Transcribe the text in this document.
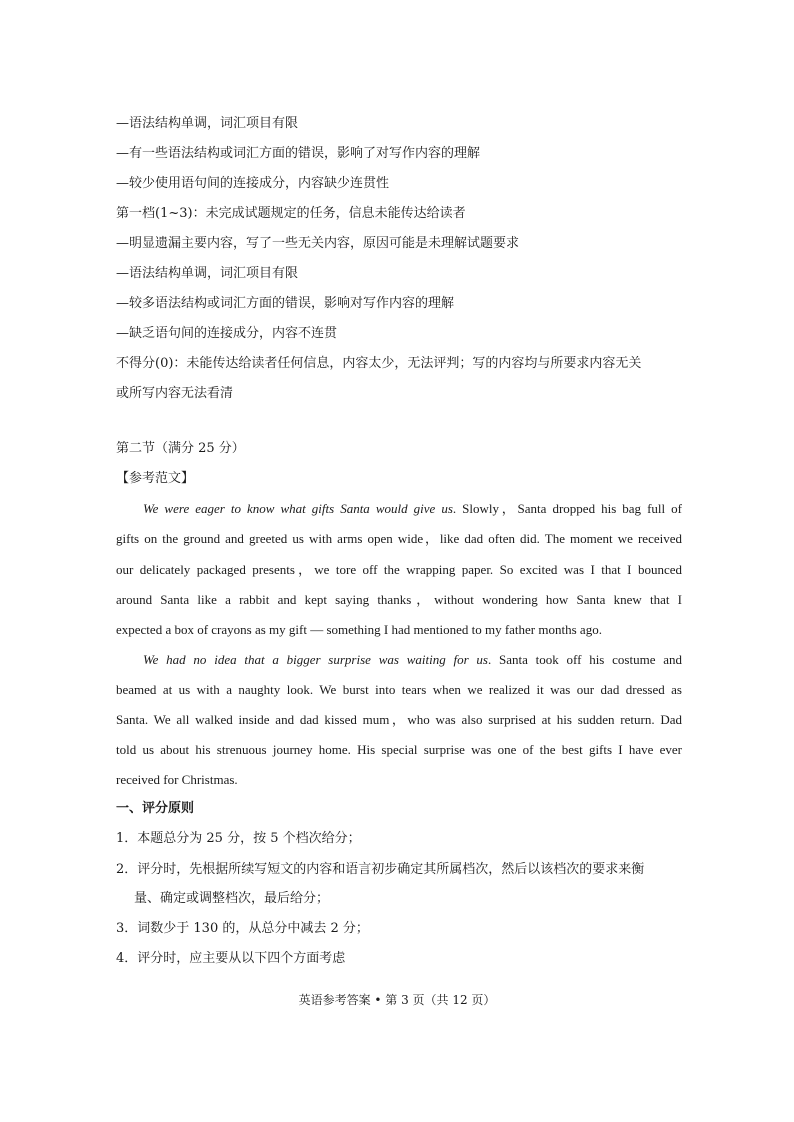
—语法结构单调，词汇项目有限
—有一些语法结构或词汇方面的错误，影响了对写作内容的理解
—较少使用语句间的连接成分，内容缺少连贯性
第一档(1~3)：未完成试题规定的任务，信息未能传达给读者
—明显遗漏主要内容，写了一些无关内容，原因可能是未理解试题要求
—语法结构单调，词汇项目有限
—较多语法结构或词汇方面的错误，影响对写作内容的理解
—缺乏语句间的连接成分，内容不连贯
不得分(0)：未能传达给读者任何信息，内容太少，无法评判；写的内容均与所要求内容无关
或所写内容无法看清
第二节（满分 25 分）
【参考范文】
We were eager to know what gifts Santa would give us. Slowly，Santa dropped his bag full of
gifts on the ground and greeted us with arms open wide，like dad often did. The moment we received
our delicately packaged presents，we tore off the wrapping paper. So excited was I that I bounced
around Santa like a rabbit and kept saying thanks，without wondering how Santa knew that I
expected a box of crayons as my gift — something I had mentioned to my father months ago.
We had no idea that a bigger surprise was waiting for us. Santa took off his costume and
beamed at us with a naughty look. We burst into tears when we realized it was our dad dressed as
Santa. We all walked inside and dad kissed mum，who was also surprised at his sudden return. Dad
told us about his strenuous journey home. His special surprise was one of the best gifts I have ever
received for Christmas.
一、评分原则
1．本题总分为 25 分，按 5 个档次给分；
2．评分时，先根据所续写短文的内容和语言初步确定其所属档次，然后以该档次的要求来衡
量、确定或调整档次，最后给分；
3．词数少于 130 的，从总分中减去 2 分；
4．评分时，应主要从以下四个方面考虑
英语参考答案 • 第 3 页（共 12 页）
